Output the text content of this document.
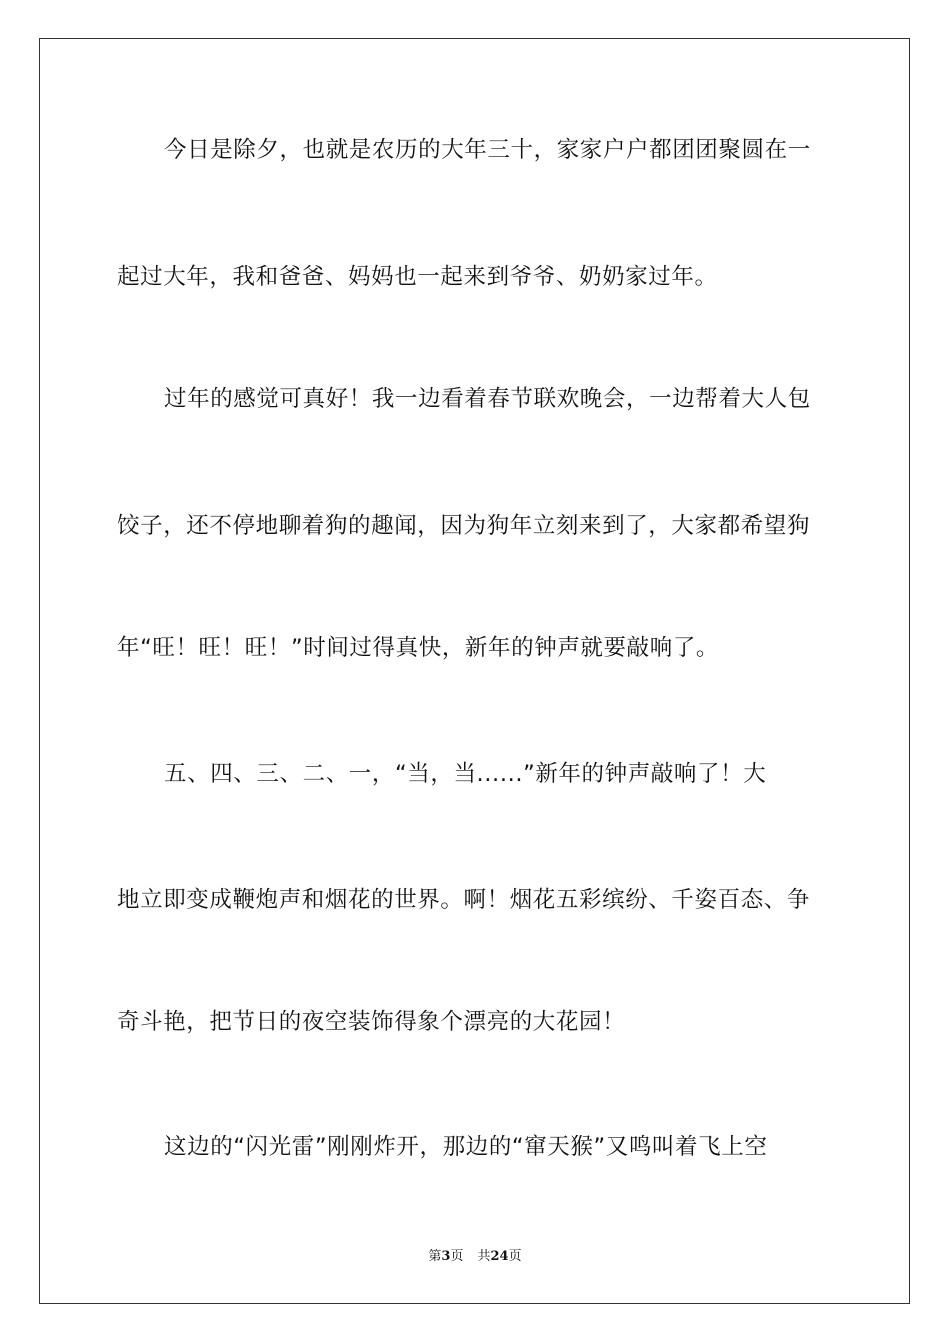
今日是除夕，也就是农历的大年三十，家家户户都团团聚圆在一
起过大年，我和爸爸、妈妈也一起来到爷爷、奶奶家过年。
过年的感觉可真好！我一边看着春节联欢晚会，一边帮着大人包
饺子，还不停地聊着狗的趣闻，因为狗年立刻来到了，大家都希望狗
年“旺！旺！旺！”时间过得真快，新年的钟声就要敲响了。
五、四、三、二、一，“当，当......”新年的钟声敲响了！大
地立即变成鞭炮声和烟花的世界。啊！烟花五彩缤纷、千姿百态、争
奇斗艳，把节日的夜空装饰得象个漂亮的大花园！
这边的“闪光雷”刚刚炸开，那边的“窜天猴”又鸣叫着飞上空
第3页 共24页
